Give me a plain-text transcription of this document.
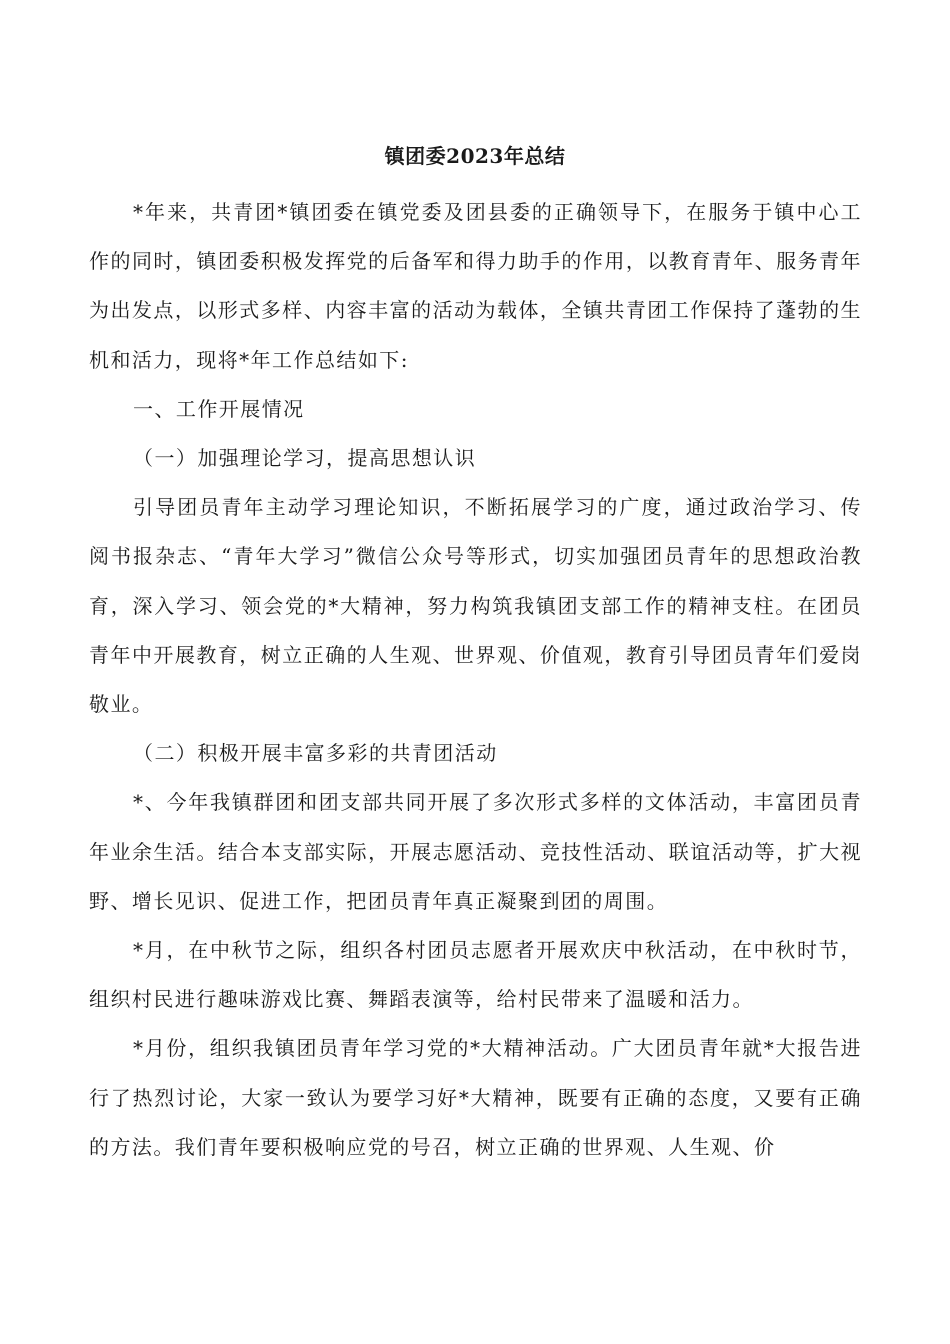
镇团委2023年总结

*年来，共青团*镇团委在镇党委及团县委的正确领导下，在服务于镇中心工作的同时，镇团委积极发挥党的后备军和得力助手的作用，以教育青年、服务青年为出发点，以形式多样、内容丰富的活动为载体，全镇共青团工作保持了蓬勃的生机和活力，现将*年工作总结如下:

一、工作开展情况

（一）加强理论学习，提高思想认识

引导团员青年主动学习理论知识，不断拓展学习的广度，通过政治学习、传阅书报杂志、“青年大学习”微信公众号等形式，切实加强团员青年的思想政治教育，深入学习、领会党的*大精神，努力构筑我镇团支部工作的精神支柱。在团员青年中开展教育，树立正确的人生观、世界观、价值观，教育引导团员青年们爱岗敬业。

（二）积极开展丰富多彩的共青团活动

*、今年我镇群团和团支部共同开展了多次形式多样的文体活动，丰富团员青年业余生活。结合本支部实际，开展志愿活动、竞技性活动、联谊活动等，扩大视野、增长见识、促进工作，把团员青年真正凝聚到团的周围。

*月，在中秋节之际，组织各村团员志愿者开展欢庆中秋活动，在中秋时节，组织村民进行趣味游戏比赛、舞蹈表演等，给村民带来了温暖和活力。

*月份，组织我镇团员青年学习党的*大精神活动。广大团员青年就*大报告进行了热烈讨论，大家一致认为要学习好*大精神，既要有正确的态度，又要有正确的方法。我们青年要积极响应党的号召，树立正确的世界观、人生观、价
